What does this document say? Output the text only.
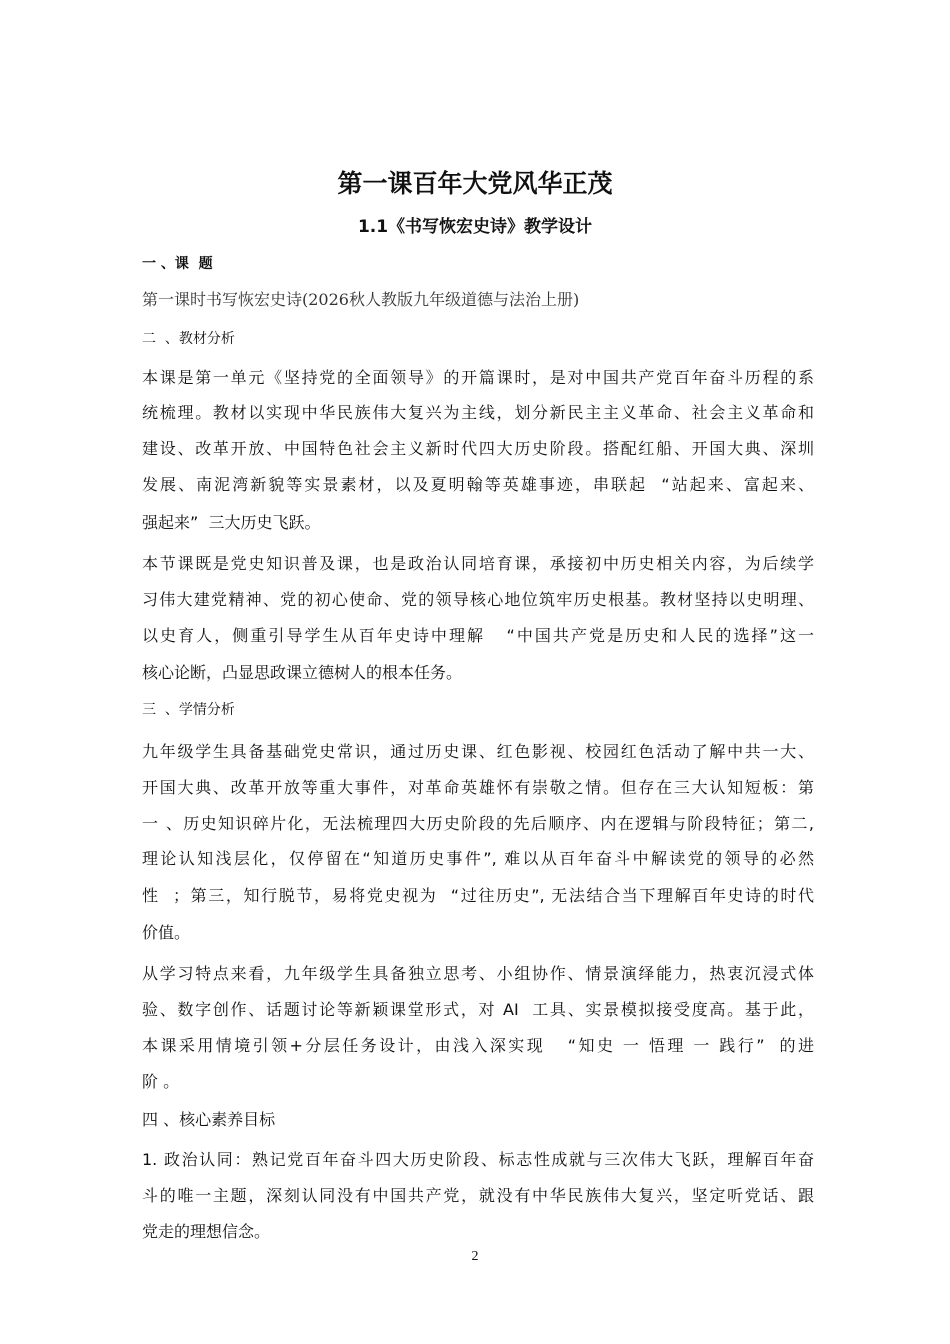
第一课百年大党风华正茂
1.1《书写恢宏史诗》教学设计
一 、课  题
第一课时书写恢宏史诗(2026秋人教版九年级道德与法治上册)
二  、教材分析
本课是第一单元《坚持党的全面领导》的开篇课时，是对中国共产党百年奋斗历程的系
统梳理。教材以实现中华民族伟大复兴为主线，划分新民主主义革命、社会主义革命和
建设、改革开放、中国特色社会主义新时代四大历史阶段。搭配红船、开国大典、深圳
发展、南泥湾新貌等实景素材，以及夏明翰等英雄事迹，串联起  “站起来、富起来、
强起来”  三大历史飞跃。
本节课既是党史知识普及课，也是政治认同培育课，承接初中历史相关内容，为后续学
习伟大建党精神、党的初心使命、党的领导核心地位筑牢历史根基。教材坚持以史明理、
以史育人，侧重引导学生从百年史诗中理解   “中国共产党是历史和人民的选择”这一
核心论断，凸显思政课立德树人的根本任务。
三  、学情分析
九年级学生具备基础党史常识，通过历史课、红色影视、校园红色活动了解中共一大、
开国大典、改革开放等重大事件，对革命英雄怀有崇敬之情。但存在三大认知短板：第
一 、历史知识碎片化，无法梳理四大历史阶段的先后顺序、内在逻辑与阶段特征；第二,
理论认知浅层化，仅停留在“知道历史事件”, 难以从百年奋斗中解读党的领导的必然
性  ；第三，知行脱节，易将党史视为  “过往历史”, 无法结合当下理解百年史诗的时代
价值。
从学习特点来看，九年级学生具备独立思考、小组协作、情景演绎能力，热衷沉浸式体
验、数字创作、话题讨论等新颖课堂形式，对 AI  工具、实景模拟接受度高。基于此，
本课采用情境引领+分层任务设计，由浅入深实现   “知史 一 悟理 一 践行”  的进
阶 。
四 、核心素养目标
1. 政治认同：熟记党百年奋斗四大历史阶段、标志性成就与三次伟大飞跃，理解百年奋
斗的唯一主题，深刻认同没有中国共产党，就没有中华民族伟大复兴，坚定听党话、跟
党走的理想信念。
2
